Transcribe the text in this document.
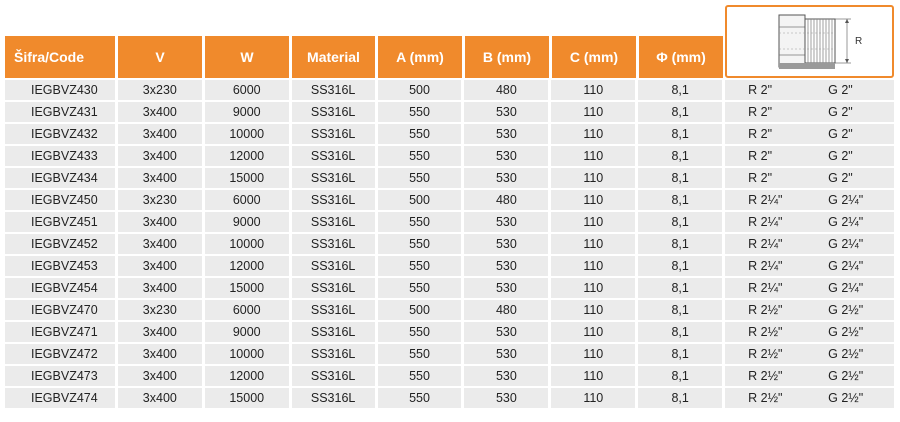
Šifra/Code	V	W	Material	A (mm)	B (mm)	C (mm)	Φ (mm)
R
IEGBVZ430	3x230	6000	SS316L	500	480	110	8,1	R 2"	G 2"
IEGBVZ431	3x400	9000	SS316L	550	530	110	8,1	R 2"	G 2"
IEGBVZ432	3x400	10000	SS316L	550	530	110	8,1	R 2"	G 2"
IEGBVZ433	3x400	12000	SS316L	550	530	110	8,1	R 2"	G 2"
IEGBVZ434	3x400	15000	SS316L	550	530	110	8,1	R 2"	G 2"
IEGBVZ450	3x230	6000	SS316L	500	480	110	8,1	R 2¼"	G 2¼"
IEGBVZ451	3x400	9000	SS316L	550	530	110	8,1	R 2¼"	G 2¼"
IEGBVZ452	3x400	10000	SS316L	550	530	110	8,1	R 2¼"	G 2¼"
IEGBVZ453	3x400	12000	SS316L	550	530	110	8,1	R 2¼"	G 2¼"
IEGBVZ454	3x400	15000	SS316L	550	530	110	8,1	R 2¼"	G 2¼"
IEGBVZ470	3x230	6000	SS316L	500	480	110	8,1	R 2½"	G 2½"
IEGBVZ471	3x400	9000	SS316L	550	530	110	8,1	R 2½"	G 2½"
IEGBVZ472	3x400	10000	SS316L	550	530	110	8,1	R 2½"	G 2½"
IEGBVZ473	3x400	12000	SS316L	550	530	110	8,1	R 2½"	G 2½"
IEGBVZ474	3x400	15000	SS316L	550	530	110	8,1	R 2½"	G 2½"
